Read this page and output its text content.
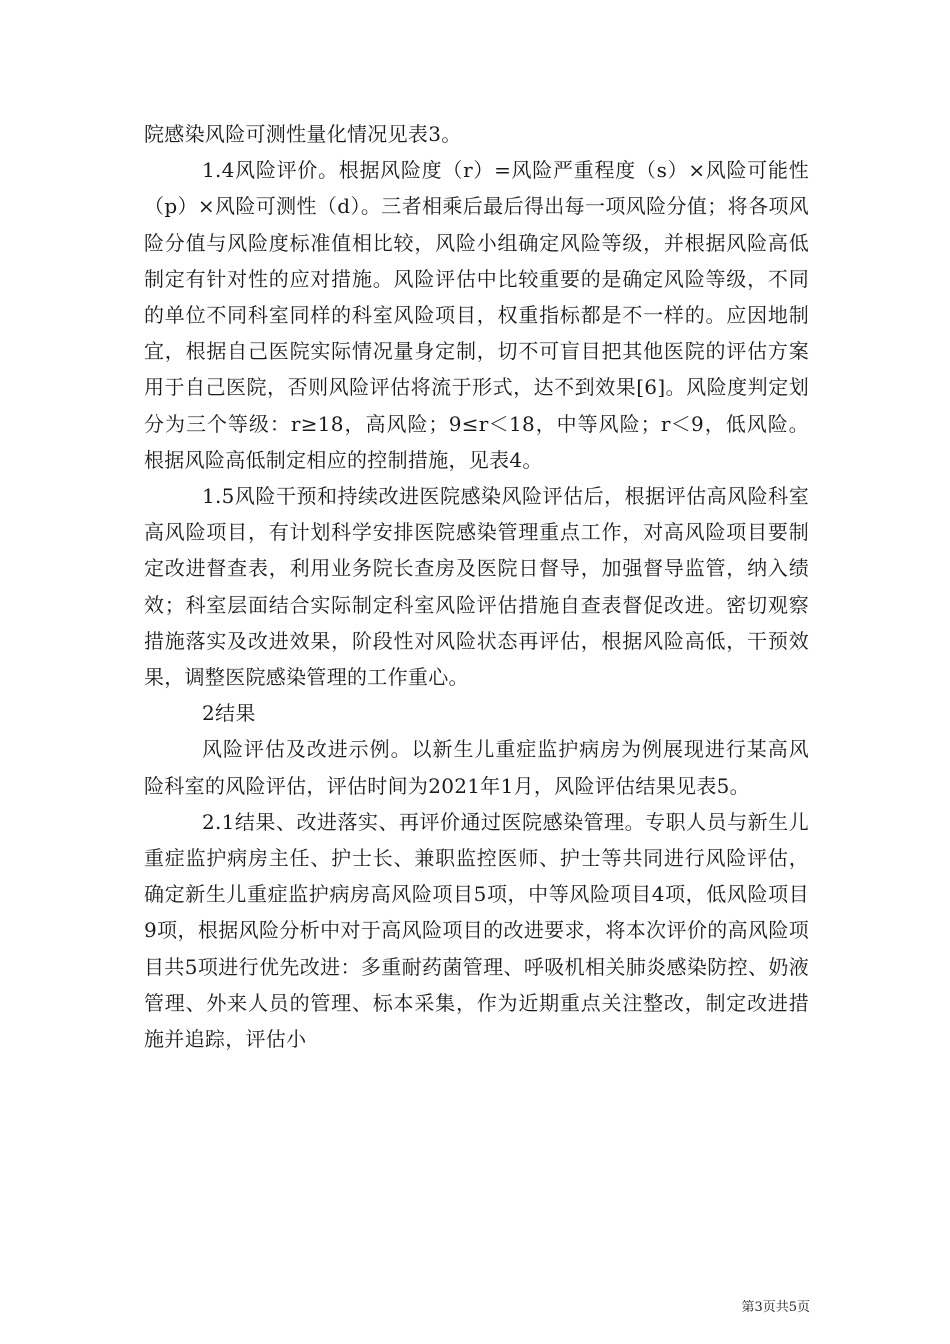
院感染风险可测性量化情况见表3。

1.4风险评价。根据风险度（r）=风险严重程度（s）×风险可能性（p）×风险可测性（d）。三者相乘后最后得出每一项风险分值；将各项风险分值与风险度标准值相比较，风险小组确定风险等级，并根据风险高低制定有针对性的应对措施。风险评估中比较重要的是确定风险等级，不同的单位不同科室同样的科室风险项目，权重指标都是不一样的。应因地制宜，根据自己医院实际情况量身定制，切不可盲目把其他医院的评估方案用于自己医院，否则风险评估将流于形式，达不到效果[6]。风险度判定划分为三个等级：r≥18，高风险；9≤r＜18，中等风险；r＜9，低风险。根据风险高低制定相应的控制措施，见表4。

1.5风险干预和持续改进医院感染风险评估后，根据评估高风险科室高风险项目，有计划科学安排医院感染管理重点工作，对高风险项目要制定改进督查表，利用业务院长查房及医院日督导，加强督导监管，纳入绩效；科室层面结合实际制定科室风险评估措施自查表督促改进。密切观察措施落实及改进效果，阶段性对风险状态再评估，根据风险高低，干预效果，调整医院感染管理的工作重心。

2结果

风险评估及改进示例。以新生儿重症监护病房为例展现进行某高风险科室的风险评估，评估时间为2021年1月，风险评估结果见表5。

2.1结果、改进落实、再评价通过医院感染管理。专职人员与新生儿重症监护病房主任、护士长、兼职监控医师、护士等共同进行风险评估，确定新生儿重症监护病房高风险项目5项，中等风险项目4项，低风险项目9项，根据风险分析中对于高风险项目的改进要求，将本次评价的高风险项目共5项进行优先改进：多重耐药菌管理、呼吸机相关肺炎感染防控、奶液管理、外来人员的管理、标本采集，作为近期重点关注整改，制定改进措施并追踪，评估小

第3页共5页
